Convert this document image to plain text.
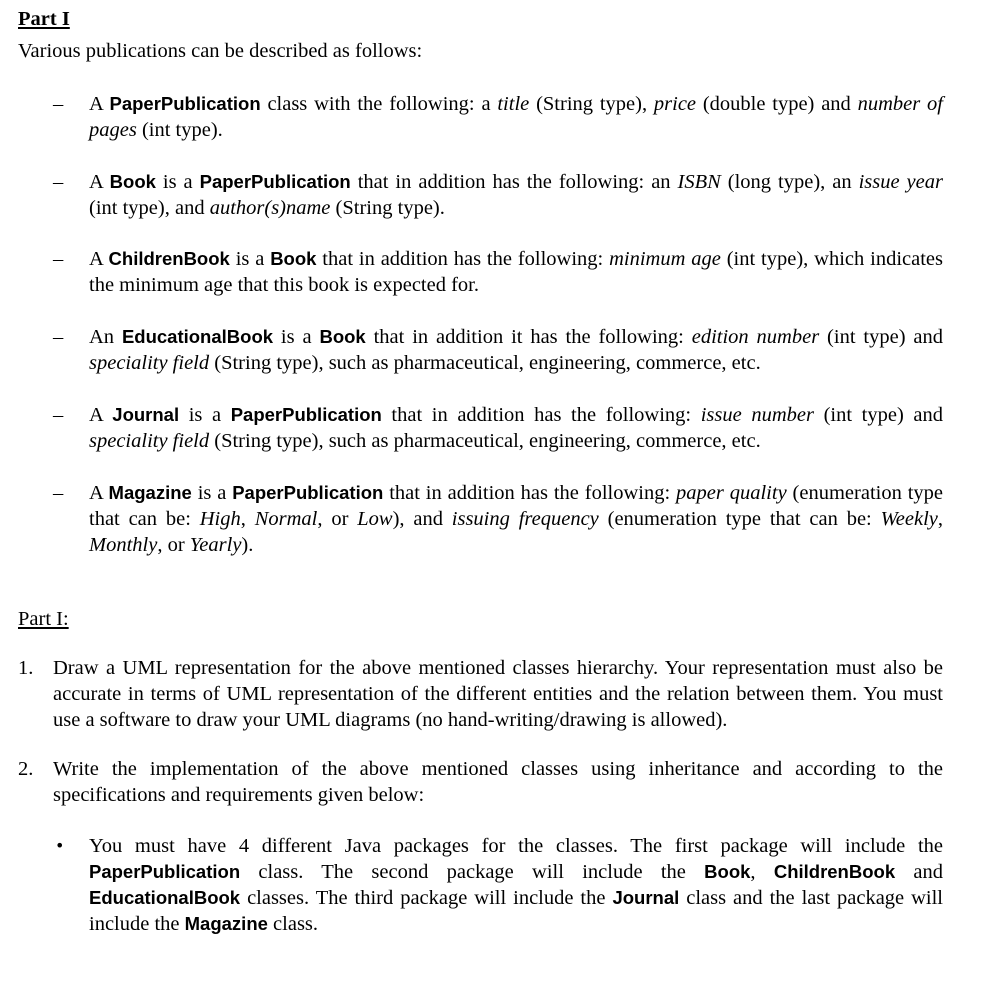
Part I
Various publications can be described as follows:
– A PaperPublication class with the following: a title (String type), price (double type) and number of pages (int type).
– A Book is a PaperPublication that in addition has the following: an ISBN (long type), an issue year (int type), and author(s)name (String type).
– A ChildrenBook is a Book that in addition has the following: minimum age (int type), which indicates the minimum age that this book is expected for.
– An EducationalBook is a Book that in addition it has the following: edition number (int type) and speciality field (String type), such as pharmaceutical, engineering, commerce, etc.
– A Journal is a PaperPublication that in addition has the following: issue number (int type) and speciality field (String type), such as pharmaceutical, engineering, commerce, etc.
– A Magazine is a PaperPublication that in addition has the following: paper quality (enumeration type that can be: High, Normal, or Low), and issuing frequency (enumeration type that can be: Weekly, Monthly, or Yearly).
Part I:
1. Draw a UML representation for the above mentioned classes hierarchy. Your representation must also be accurate in terms of UML representation of the different entities and the relation between them. You must use a software to draw your UML diagrams (no hand-writing/drawing is allowed).
2. Write the implementation of the above mentioned classes using inheritance and according to the specifications and requirements given below:
• You must have 4 different Java packages for the classes. The first package will include the PaperPublication class. The second package will include the Book, ChildrenBook and EducationalBook classes. The third package will include the Journal class and the last package will include the Magazine class.
